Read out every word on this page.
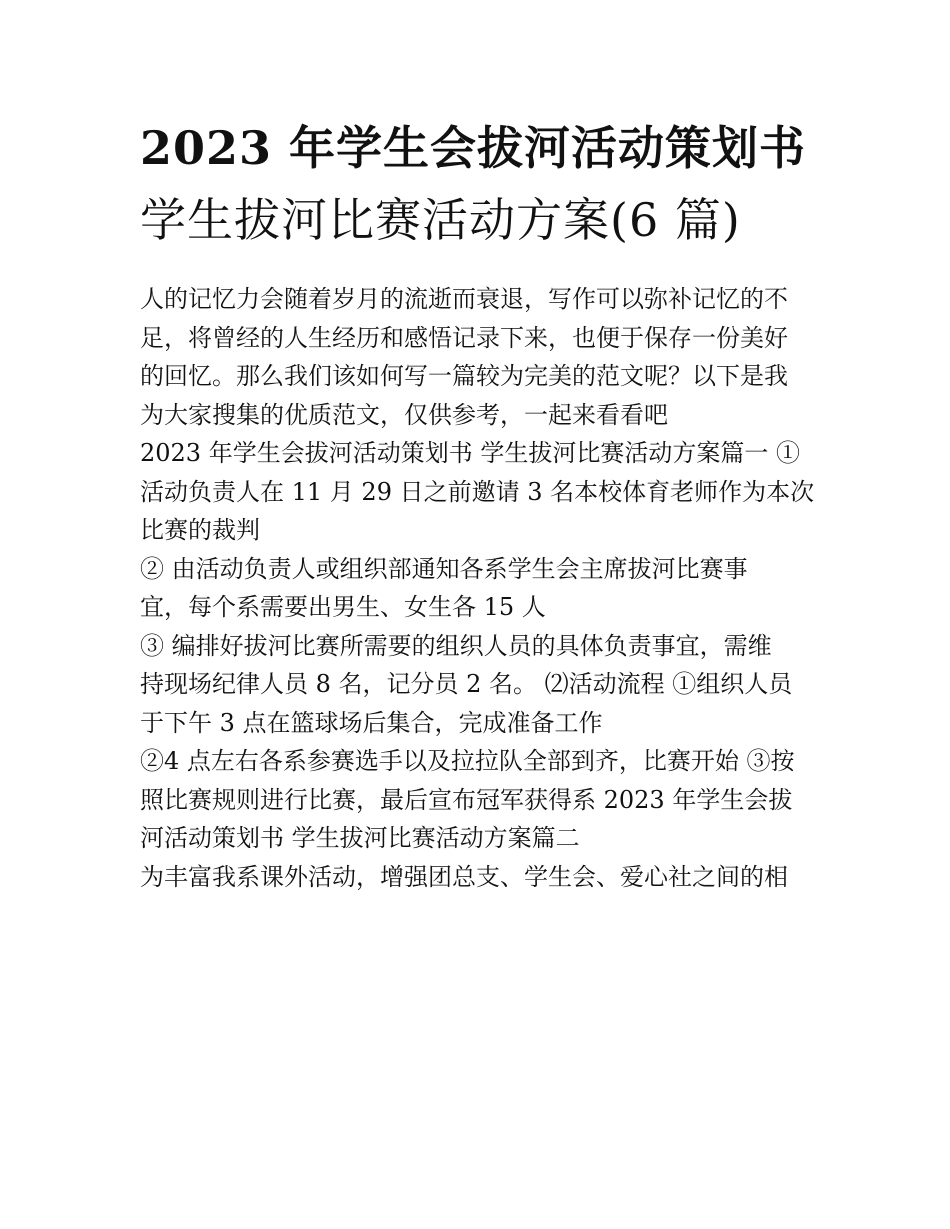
2023 年学生会拔河活动策划书
学生拔河比赛活动方案(6 篇)
人的记忆力会随着岁月的流逝而衰退，写作可以弥补记忆的不
足，将曾经的人生经历和感悟记录下来，也便于保存一份美好
的回忆。那么我们该如何写一篇较为完美的范文呢？以下是我
为大家搜集的优质范文，仅供参考，一起来看看吧
2023 年学生会拔河活动策划书 学生拔河比赛活动方案篇一 ①
活动负责人在 11 月 29 日之前邀请 3 名本校体育老师作为本次
比赛的裁判
② 由活动负责人或组织部通知各系学生会主席拔河比赛事
宜，每个系需要出男生、女生各 15 人
③ 编排好拔河比赛所需要的组织人员的具体负责事宜，需维
持现场纪律人员 8 名，记分员 2 名。 ⑵活动流程 ①组织人员
于下午 3 点在篮球场后集合，完成准备工作
②4 点左右各系参赛选手以及拉拉队全部到齐，比赛开始 ③按
照比赛规则进行比赛，最后宣布冠军获得系 2023 年学生会拔
河活动策划书 学生拔河比赛活动方案篇二
为丰富我系课外活动，增强团总支、学生会、爱心社之间的相
